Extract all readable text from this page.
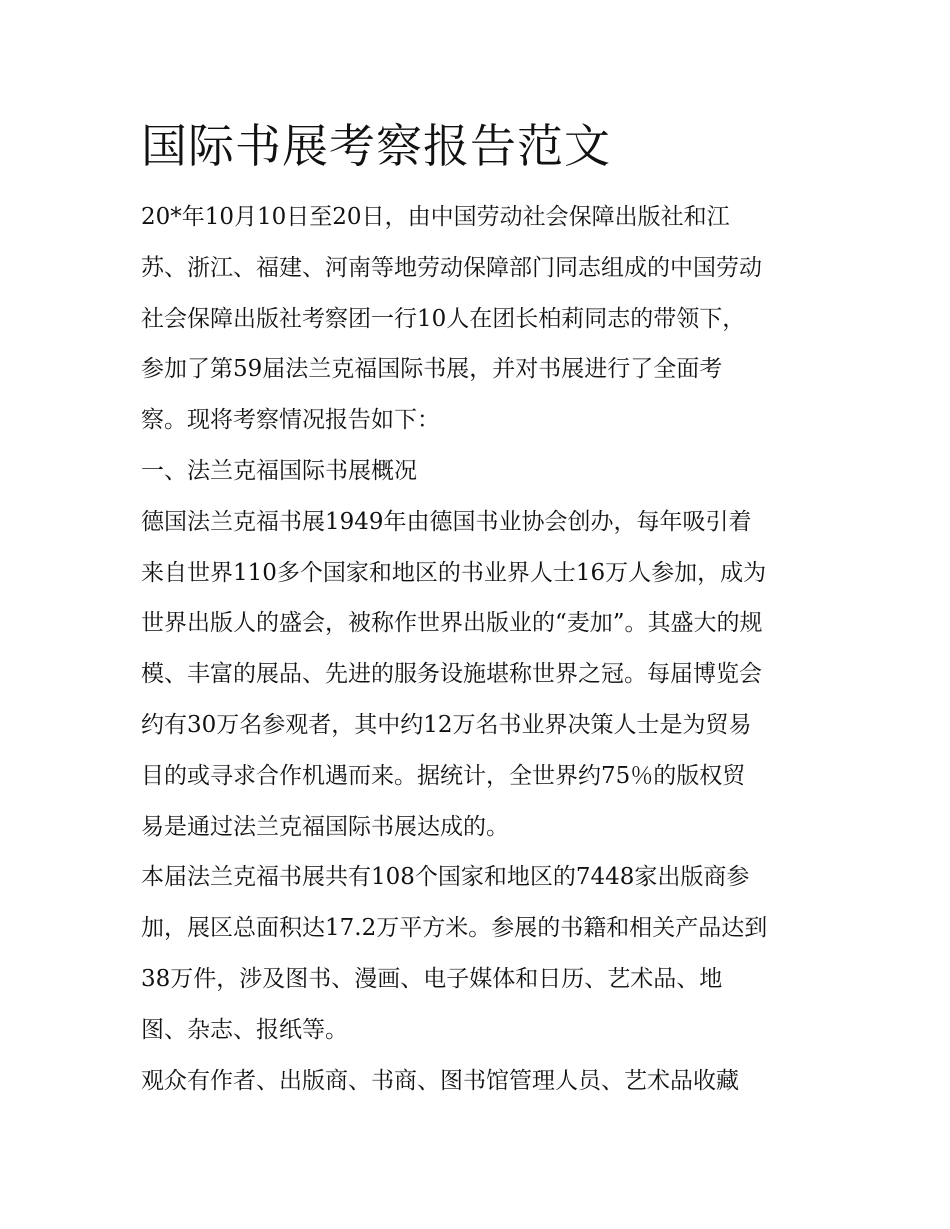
国际书展考察报告范文

20*年10月10日至20日，由中国劳动社会保障出版社和江
苏、浙江、福建、河南等地劳动保障部门同志组成的中国劳动
社会保障出版社考察团一行10人在团长柏莉同志的带领下，
参加了第59届法兰克福国际书展，并对书展进行了全面考
察。现将考察情况报告如下：

一、法兰克福国际书展概况

德国法兰克福书展1949年由德国书业协会创办，每年吸引着
来自世界110多个国家和地区的书业界人士16万人参加，成为
世界出版人的盛会，被称作世界出版业的“麦加”。其盛大的规
模、丰富的展品、先进的服务设施堪称世界之冠。每届博览会
约有30万名参观者，其中约12万名书业界决策人士是为贸易
目的或寻求合作机遇而来。据统计，全世界约75％的版权贸
易是通过法兰克福国际书展达成的。

本届法兰克福书展共有108个国家和地区的7448家出版商参
加，展区总面积达17.2万平方米。参展的书籍和相关产品达到
38万件，涉及图书、漫画、电子媒体和日历、艺术品、地
图、杂志、报纸等。

观众有作者、出版商、书商、图书馆管理人员、艺术品收藏
